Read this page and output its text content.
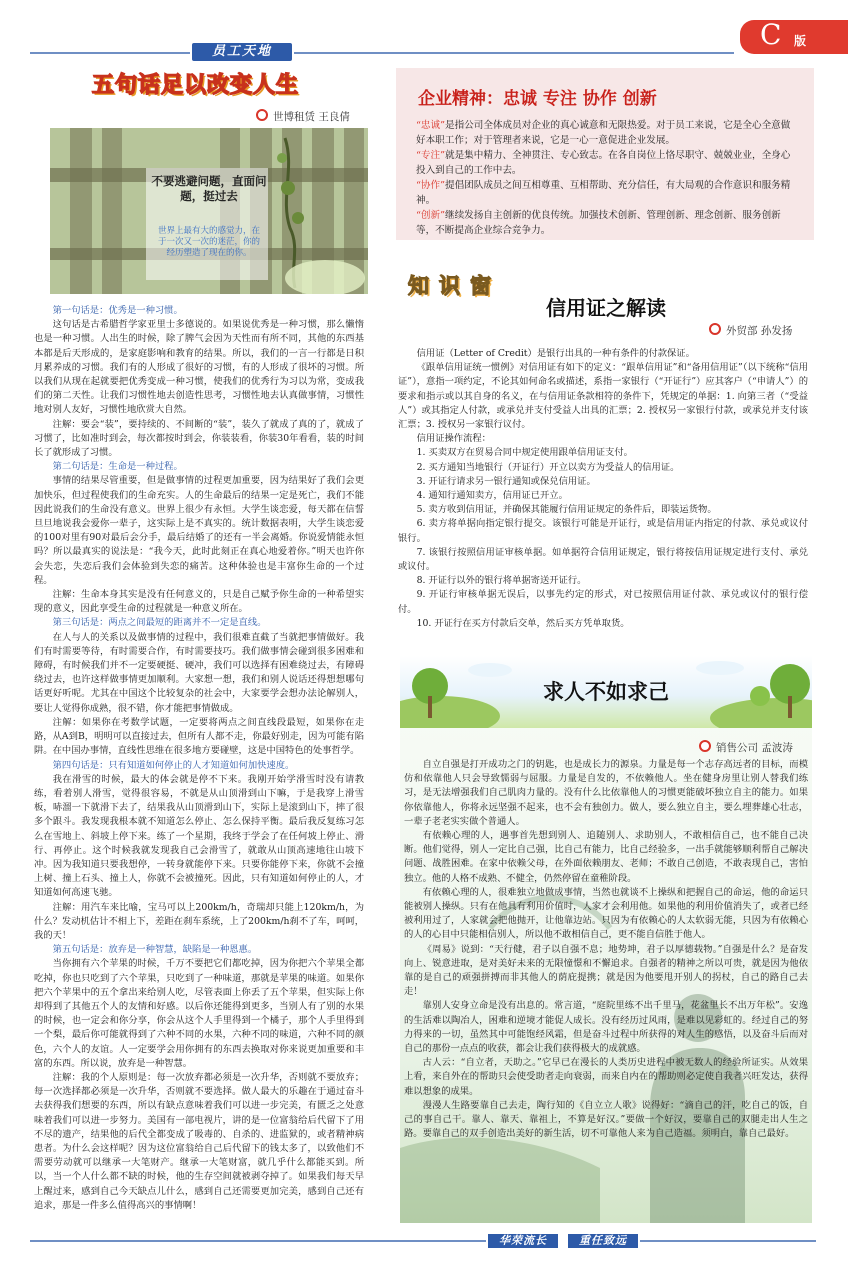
员工天地
C 版
五句话足以改变人生
世博租赁 王良倩
不要逃避问题，直面问题，挺过去
世界上最有大的感觉力，在于一次又一次的迷茫，你的经历塑造了现在的你。

第一句话是：优秀是一种习惯。

这句话是古希腊哲学家亚里士多德说的。如果说优秀是一种习惯，那么懒惰也是一种习惯。人出生的时候，除了脾气会因为天性而有所不同，其他的东西基本都是后天形成的，是家庭影响和教育的结果。所以，我们的一言一行都是日积月累养成的习惯。我们有的人形成了很好的习惯，有的人形成了很坏的习惯。所以我们从现在起就要把优秀变成一种习惯，使我们的优秀行为习以为常，变成我们的第二天性。让我们习惯性地去创造性思考，习惯性地去认真做事情，习惯性地对别人友好，习惯性地欣赏大自然。

注解：要会“装”，要持续的、不间断的“装”，装久了就成了真的了，就成了习惯了，比如准时到会，每次都按时到会，你装装看，你装30年看看，装的时间长了就形成了习惯。

第二句话是：生命是一种过程。

事情的结果尽管重要，但是做事情的过程更加重要，因为结果好了我们会更加快乐，但过程使我们的生命充实。人的生命最后的结果一定是死亡，我们不能因此说我们的生命没有意义。世界上很少有永恒。大学生谈恋爱，每天都在信誓旦旦地说我会爱你一辈子，这实际上是不真实的。统计数据表明，大学生谈恋爱的100对里有90对最后会分手，最后结婚了的还有一半会离婚。你说爱情能永恒吗？所以最真实的说法是：“我今天，此时此刻正在真心地爱着你。”明天也许你会失恋，失恋后我们会体验到失恋的痛苦。这种体验也是丰富你生命的一个过程。

注解：生命本身其实是没有任何意义的，只是自己赋予你生命的一种希望实现的意义，因此享受生命的过程就是一种意义所在。

第三句话是：两点之间最短的距离并不一定是直线。

在人与人的关系以及做事情的过程中，我们很难直截了当就把事情做好。我们有时需要等待，有时需要合作，有时需要技巧。我们做事情会碰到很多困难和障碍，有时候我们并不一定要硬挺、硬冲，我们可以选择有困难绕过去，有障碍绕过去，也许这样做事情更加顺利。大家想一想，我们和别人说话还得想想哪句话更好听呢。尤其在中国这个比较复杂的社会中，大家要学会想办法论解别人，要让人觉得你成熟，很不错，你才能把事情做成。

注解：如果你在考数学试题，一定要将两点之间直线段最短，如果你在走路，从A到B，明明可以直接过去，但所有人都不走，你最好别走，因为可能有陷阱。在中国办事情，直线性思维在很多地方要碰壁，这是中国特色的处事哲学。

第四句话是：只有知道如何停止的人才知道如何加快速度。

我在滑雪的时候，最大的体会就是停不下来。我刚开始学滑雪时没有请教练，看着别人滑雪，觉得很容易，不就是从山顶滑到山下嘛，于是我穿上滑雪板，哧溜一下就滑下去了，结果我从山顶滑到山下，实际上是滚到山下，摔了很多个跟斗。我发现我根本就不知道怎么停止、怎么保持平衡。最后我反复练习怎么在雪地上、斜坡上停下来。练了一个星期，我终于学会了在任何坡上停止、滑行、再停止。这个时候我就发现我自己会滑雪了，就敢从山顶高速地往山坡下冲。因为我知道只要我想停，一转身就能停下来。只要你能停下来，你就不会撞上树、撞上石头、撞上人，你就不会被撞死。因此，只有知道如何停止的人，才知道如何高速飞驰。

注解：用汽车来比喻，宝马可以上200km/h，奇瑞却只能上120km/h，为什么？发动机估计不相上下，差距在刹车系统，上了200km/h刹不了车，呵呵，我的天！

第五句话是：放弃是一种智慧，缺陷是一种恩惠。

当你拥有六个苹果的时候，千万不要把它们都吃掉，因为你把六个苹果全都吃掉，你也只吃到了六个苹果，只吃到了一种味道，那就是苹果的味道。如果你把六个苹果中的五个拿出来给别人吃，尽管表面上你丢了五个苹果，但实际上你却得到了其他五个人的友情和好感。以后你还能得到更多，当别人有了别的水果的时候，也一定会和你分享，你会从这个人手里得到一个橘子，那个人手里得到一个梨，最后你可能就得到了六种不同的水果，六种不同的味道，六种不同的颜色，六个人的友谊。人一定要学会用你拥有的东西去换取对你来说更加重要和丰富的东西。所以说，放弃是一种智慧。

注解：我的个人原则是：每一次放弃都必须是一次升华，否则就不要放弃；每一次选择都必须是一次升华，否则就不要选择。做人最大的乐趣在于通过奋斗去获得我们想要的东西，所以有缺点意味着我们可以进一步完美，有匮乏之处意味着我们可以进一步努力。美国有一部电视片，讲的是一位富翁给后代留下了用不尽的遗产，结果他的后代全都变成了吸毒的、自杀的、进监狱的，或者精神病患者。为什么会这样呢？因为这位富翁给自己后代留下的钱太多了，以致他们不需要劳动就可以继承一大笔财产。继承一大笔财富，就几乎什么都能买到。所以，当一个人什么都不缺的时候，他的生存空间就被剥夺掉了。如果我们每天早上醒过来，感到自己今天缺点儿什么，感到自己还需要更加完美，感到自己还有追求，那是一件多么值得高兴的事情啊！

企业精神：忠诚 专注 协作 创新

“忠诚”是指公司全体成员对企业的真心诚意和无限热爱。对于员工来说，它是全心全意做好本职工作；对于管理者来说，它是一心一意促进企业发展。

“专注”就是集中精力、全神贯注、专心致志。在各自岗位上恪尽职守、兢兢业业，全身心投入到自己的工作中去。

“协作”提倡团队成员之间互相尊重、互相帮助、充分信任，有大局观的合作意识和服务精神。

“创新”继续发扬自主创新的优良传统。加强技术创新、管理创新、理念创新、服务创新等，不断提高企业综合竞争力。

知识窗
信用证之解读
外贸部 孙发扬

信用证（Letter of Credit）是银行出具的一种有条件的付款保证。

《跟单信用证统一惯例》对信用证有如下的定义：“跟单信用证”和“备用信用证”（以下统称“信用证”），意指一项约定，不论其如何命名或描述，系指一家银行（“开证行”）应其客户（“申请人”）的要求和指示或以其自身的名义，在与信用证条款相符的条件下，凭规定的单据：1. 向第三者（“受益人”）或其指定人付款，或承兑并支付受益人出具的汇票；2. 授权另一家银行付款，或承兑并支付该汇票；3. 授权另一家银行议付。

信用证操作流程：

1. 买卖双方在贸易合同中规定使用跟单信用证支付。

2. 买方通知当地银行（开证行）开立以卖方为受益人的信用证。

3. 开证行请求另一银行通知或保兑信用证。

4. 通知行通知卖方，信用证已开立。

5. 卖方收到信用证，并确保其能履行信用证规定的条件后，即装运货物。

6. 卖方将单据向指定银行提交。该银行可能是开证行，或是信用证内指定的付款、承兑或议付银行。

7. 该银行按照信用证审核单据。如单据符合信用证规定，银行将按信用证规定进行支付、承兑或议付。

8. 开证行以外的银行将单据寄送开证行。

9. 开证行审核单据无误后，以事先约定的形式，对已按照信用证付款、承兑或议付的银行偿付。

10. 开证行在买方付款后交单，然后买方凭单取货。

求人不如求己
销售公司 孟波涛

自立自强是打开成功之门的钥匙，也是成长力的源泉。力量是每一个志存高远者的目标，而模仿和依靠他人只会导致懦弱与屈服。力量是自发的，不依赖他人。坐在健身房里让别人替我们练习，是无法增强我们自己肌肉力量的。没有什么比依靠他人的习惯更能破坏独立自主的能力。如果你依靠他人，你将永远坚强不起来，也不会有独创力。做人，要么独立自主，要么埋葬雄心壮志，一辈子老老实实做个普通人。

有依赖心理的人，遇事首先想到别人、追随别人、求助别人，不敢相信自己，也不能自己决断。他们觉得，别人一定比自己强，比自己有能力，比自己经验多，一出手就能够顺利帮自己解决问题、战胜困难。在家中依赖父母，在外面依赖朋友、老师；不敢自己创造，不敢表现自己，害怕独立。他的人格不成熟、不健全，仍然停留在童稚阶段。

有依赖心理的人，很难独立地做成事情，当然也就谈不上操纵和把握自己的命运，他的命运只能被别人操纵。只有在他具有利用价值时，人家才会利用他。如果他的利用价值消失了，或者已经被利用过了，人家就会把他抛开，让他靠边站。只因为有依赖心的人太软弱无能，只因为有依赖心的人的心目中只能相信别人，所以他不敢相信自己，更不能自信胜于他人。

《周易》说到：“天行健，君子以自强不息；地势坤，君子以厚德载物。”自强是什么？是奋发向上、锐意进取，是对美好未来的无限憧憬和不懈追求。自强者的精神之所以可贵，就是因为他依靠的是自己的顽强拼搏而非其他人的荫庇提携；就是因为他要甩开别人的拐杖，自己的路自己去走！

靠别人安身立命是没有出息的。常言道，“庭院里练不出千里马，花盆里长不出万年松”。安逸的生活难以陶冶人，困难和逆境才能促人成长。没有经历过风雨，是难以见彩虹的。经过自己的努力得来的一切，虽然其中可能饱经风霜，但是奋斗过程中所获得的对人生的感悟，以及奋斗后而对自己的那份一点点的收获，都会让我们获得极大的成就感。

古人云：“自立者，天助之。”它早已在漫长的人类历史进程中被无数人的经验所证实。从效果上看，来自外在的帮助只会使受助者走向衰弱，而来自内在的帮助则必定使自我者兴旺发达，获得难以想象的成果。

漫漫人生路要靠自己去走，陶行知的《自立立人歌》说得好：“滴自己的汗，吃自己的饭，自己的事自己干。靠人、靠天、靠祖上，不算是好汉。”要做一个好汉，要靠自己的双腿走出人生之路。要靠自己的双手创造出美好的新生活，切不可靠他人来为自己造福。须明白，靠自己最好。

华荣流长	重任致远
